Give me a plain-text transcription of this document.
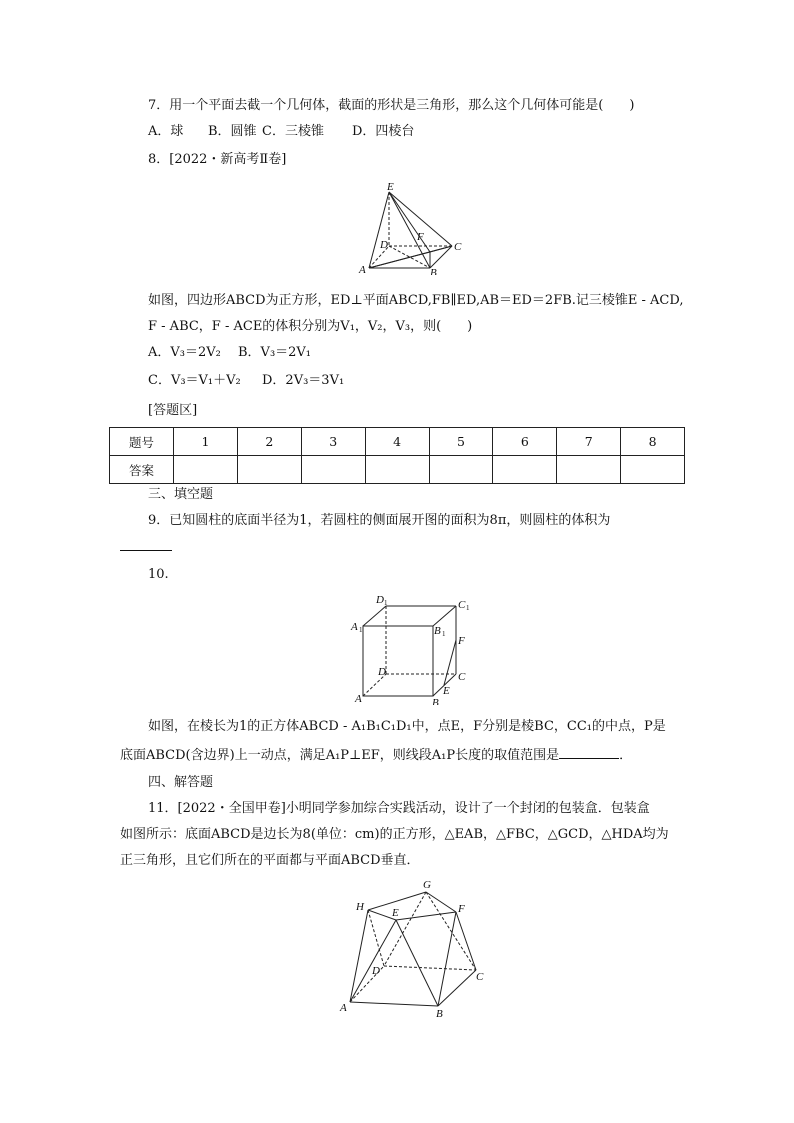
7．用一个平面去截一个几何体，截面的形状是三角形，那么这个几何体可能是(　　)
A．球 B．圆锥 C．三棱锥 D．四棱台
8．[2022・新高考Ⅱ卷]
E
D
F
C
A	B
如图，四边形ABCD为正方形，ED⊥平面ABCD,FB∥ED,AB＝ED＝2FB.记三棱锥E - ACD,
F - ABC，F - ACE的体积分别为V₁，V₂，V₃，则(　　)
A．V₃＝2V₂ B．V₃＝2V₁
C．V₃＝V₁＋V₂ D．2V₃＝3V₁
[答题区]
题号	1	2	3	4	5	6	7	8
答案								
三、填空题
9．已知圆柱的底面半径为1，若圆柱的侧面展开图的面积为8π，则圆柱的体积为
10.
D 1	C 1
A 1	B 1
F
D
A
E
B
C
如图，在棱长为1的正方体ABCD - A₁B₁C₁D₁中，点E，F分别是棱BC，CC₁的中点，P是
底面ABCD(含边界)上一动点，满足A₁P⊥EF，则线段A₁P长度的取值范围是	．
四、解答题
11．[2022・全国甲卷]小明同学参加综合实践活动，设计了一个封闭的包装盒．包装盒
如图所示：底面ABCD是边长为8(单位：cm)的正方形，△EAB，△FBC，△GCD，△HDA均为
正三角形，且它们所在的平面都与平面ABCD垂直．
G
H	E	F
D	C
A	B
